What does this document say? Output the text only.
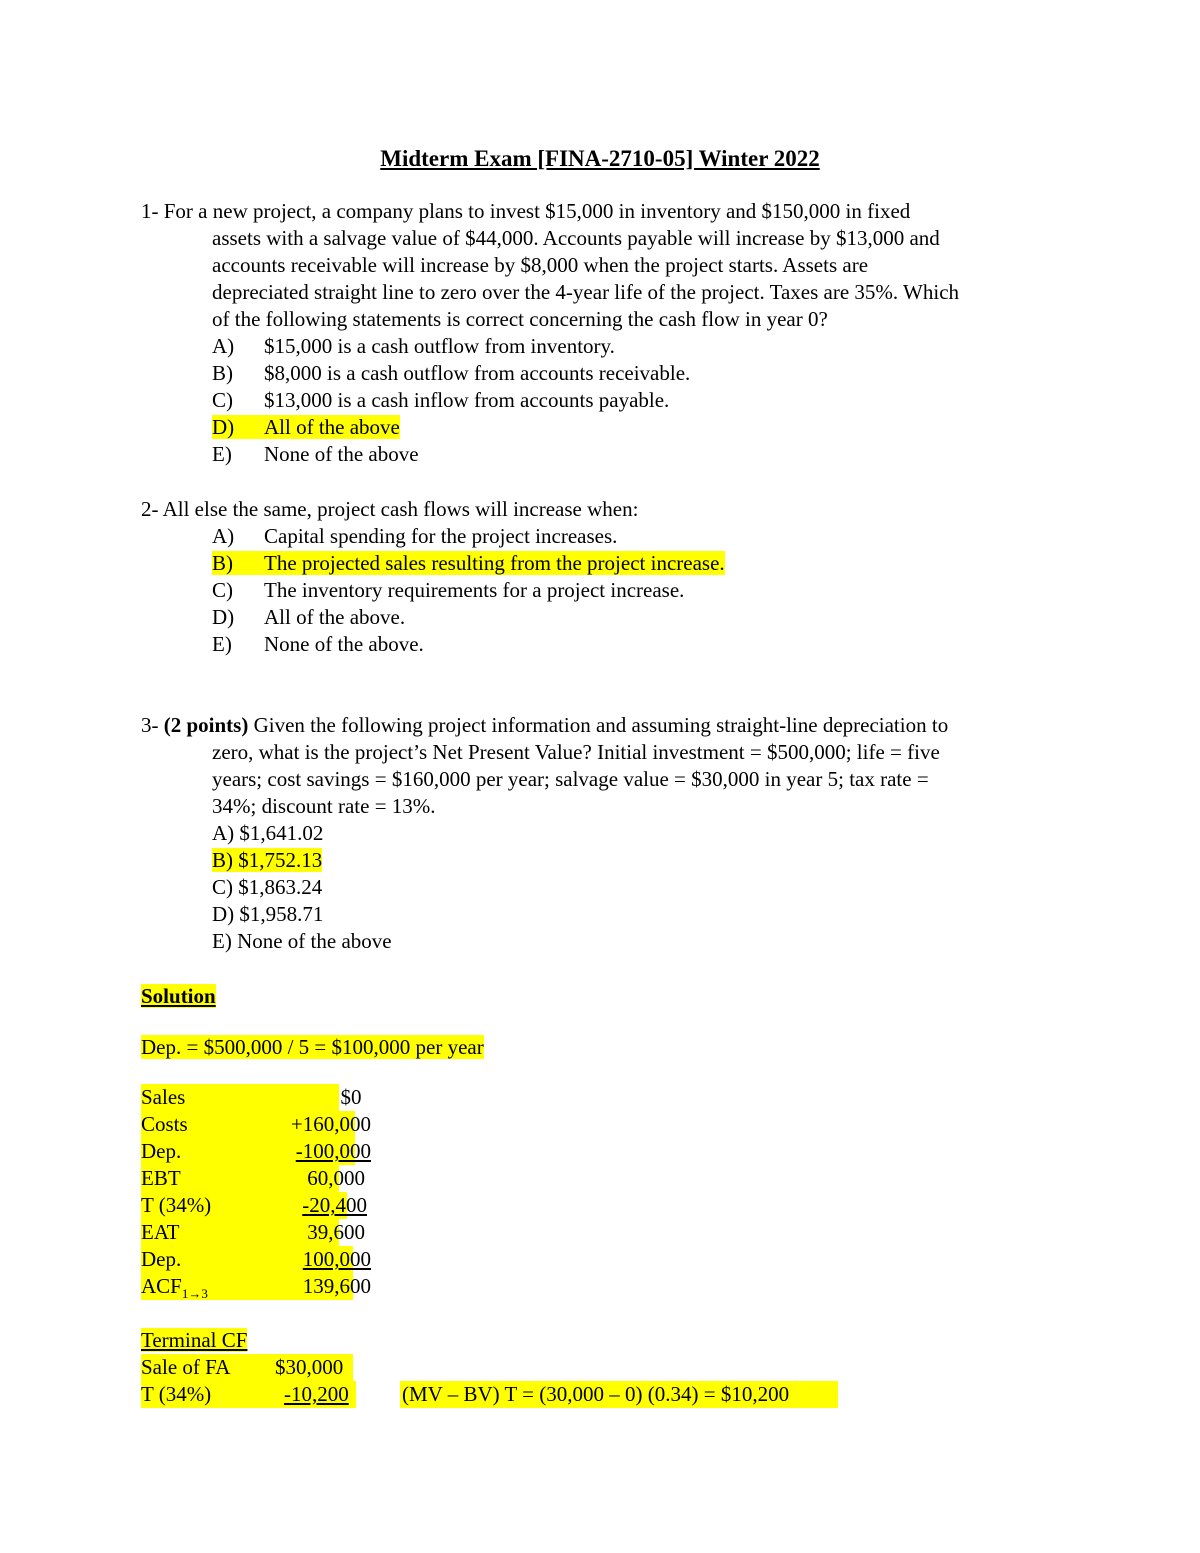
Midterm Exam [FINA-2710-05] Winter 2022
1- For a new project, a company plans to invest $15,000 in inventory and $150,000 in fixed
assets with a salvage value of $44,000. Accounts payable will increase by $13,000 and
accounts receivable will increase by $8,000 when the project starts. Assets are
depreciated straight line to zero over the 4-year life of the project. Taxes are 35%. Which
of the following statements is correct concerning the cash flow in year 0?
A) $15,000 is a cash outflow from inventory.
B) $8,000 is a cash outflow from accounts receivable.
C) $13,000 is a cash inflow from accounts payable.
D) All of the above
E) None of the above
2- All else the same, project cash flows will increase when:
A) Capital spending for the project increases.
B) The projected sales resulting from the project increase.
C) The inventory requirements for a project increase.
D) All of the above.
E) None of the above.
3- (2 points) Given the following project information and assuming straight-line depreciation to
zero, what is the project’s Net Present Value? Initial investment = $500,000; life = five
years; cost savings = $160,000 per year; salvage value = $30,000 in year 5; tax rate =
34%; discount rate = 13%.
A) $1,641.02
B) $1,752.13
C) $1,863.24
D) $1,958.71
E) None of the above
Solution
Dep. = $500,000 / 5 = $100,000 per year
Sales	$0
Costs	+160,000
Dep.	-100,000
EBT	60,000
T (34%)	-20,400
EAT	39,600
Dep.	100,000
$ACF_{1\to 3}$	139,600
Terminal CF
Sale of FA $30,000
T (34%)	-10,200	(MV – BV) T = (30,000 – 0) (0.34) = $10,200
